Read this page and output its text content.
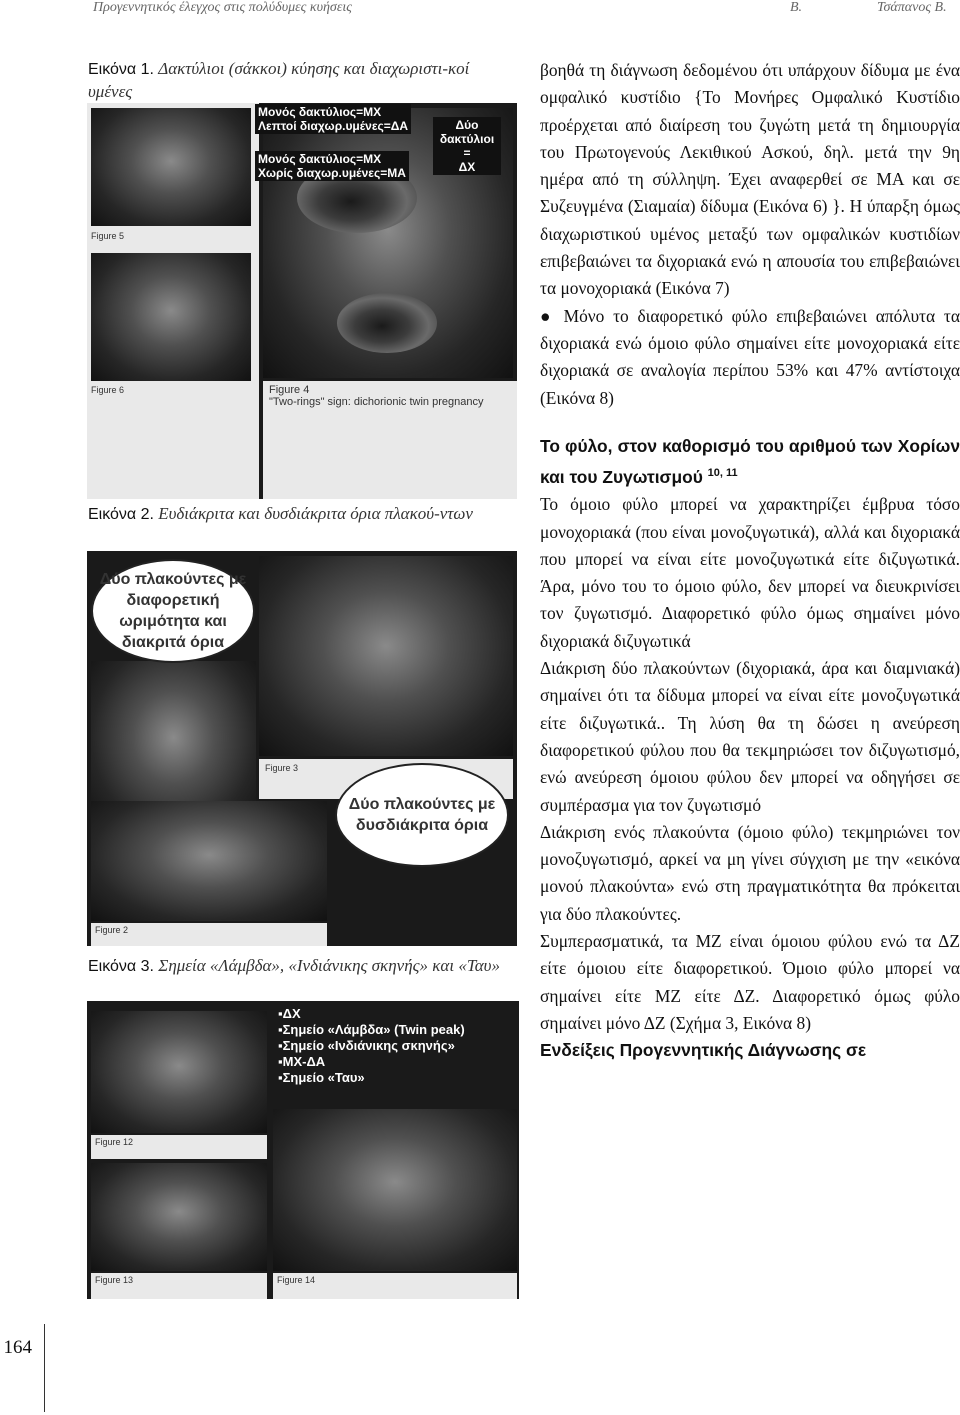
Προγεννητικός έλεγχος στις πολύδυμες κυήσεις	Β.	Τσάπανος Β.
Εικόνα 1. Δακτύλιοι (σάκκοι) κύησης και διαχωριστι-κοί υμένες
Figure 5
Figure 6	Figure 4
"Two-rings" sign: dichorionic twin pregnancy
Μονός δακτύλιος=ΜΧ
Λεπτοί διαχωρ.υμένες=ΔΑ
Μονός δακτύλιος=ΜΧ
Χωρίς διαχωρ.υμένες=ΜΑ
Δύο
δακτύλιοι
=
ΔΧ
Εικόνα 2. Ευδιάκριτα και δυσδιάκριτα όρια πλακού-ντων
Figure 3
Figure 2
Δύο πλακούντες με διαφορετική ωριμότητα και διακριτά όρια
Δύο πλακούντες με δυσδιάκριτα όρια
Εικόνα 3. Σημεία «Λάμβδα», «Ινδιάνικης σκηνής» και «Ταυ»
Figure 12
Figure 13	Figure 14
▪ΔΧ
▪Σημείο «Λάμβδα» (Twin peak)
▪Σημείο «Ινδιάνικης σκηνής»
▪ΜΧ-ΔΑ
▪Σημείο «Ταυ»

βοηθά τη διάγνωση δεδομένου ότι υπάρχουν δίδυμα με ένα ομφαλικό κυστίδιο {Το Μονήρες Ομφαλικό Κυστίδιο προέρχεται από διαίρεση του ζυγώτη μετά τη δημιουργία του Πρωτογενούς Λεκιθικού Ασκού, δηλ. μετά την 9η ημέρα από τη σύλληψη. Έχει αναφερθεί σε ΜΑ και σε Συζευγμένα (Σιαμαία) δίδυμα (Εικόνα 6) }. Η ύπαρξη όμως διαχωριστικού υμένος μεταξύ των ομφαλικών κυστιδίων επιβεβαιώνει τα διχοριακά ενώ η απουσία του επιβεβαιώνει τα μονοχοριακά (Εικόνα 7)

● Μόνο το διαφορετικό φύλο επιβεβαιώνει απόλυτα τα διχοριακά ενώ όμοιο φύλο σημαίνει είτε μονοχοριακά είτε διχοριακά σε αναλογία περίπου 53% και 47% αντίστοιχα (Εικόνα 8)

Το φύλο, στον καθορισμό του αριθμού των Χορίων και του Ζυγωτισμού $^{10, 11}$

Το όμοιο φύλο μπορεί να χαρακτηρίζει έμβρυα τόσο μονοχοριακά (που είναι μονοζυγωτικά), αλλά και διχοριακά που μπορεί να είναι είτε μονοζυγωτικά είτε διζυγωτικά. Άρα, μόνο του το όμοιο φύλο, δεν μπορεί να διευκρινίσει τον ζυγωτισμό. Διαφορετικό φύλο όμως σημαίνει μόνο διχοριακά διζυγωτικά

Διάκριση δύο πλακούντων (διχοριακά, άρα και διαμνιακά) σημαίνει ότι τα δίδυμα μπορεί να είναι είτε μονοζυγωτικά είτε διζυγωτικά.. Τη λύση θα τη δώσει η ανεύρεση διαφορετικού φύλου που θα τεκμηριώσει τον διζυγωτισμό, ενώ ανεύρεση όμοιου φύλου δεν μπορεί να οδηγήσει σε συμπέρασμα για τον ζυγωτισμό

Διάκριση ενός πλακούντα (όμοιο φύλο) τεκμηριώνει τον μονοζυγωτισμό, αρκεί να μη γίνει σύγχιση με την «εικόνα μονού πλακούντα» ενώ στη πραγματικότητα θα πρόκειται για δύο πλακούντες.

Συμπερασματικά, τα ΜΖ είναι όμοιου φύλου ενώ τα ΔΖ είτε όμοιου είτε διαφορετικού. Όμοιο φύλο μπορεί να σημαίνει είτε ΜΖ είτε ΔΖ. Διαφορετικό όμως φύλο σημαίνει μόνο ΔΖ (Σχήμα 3, Εικόνα 8)

Ενδείξεις Προγεννητικής Διάγνωσης σε
164
